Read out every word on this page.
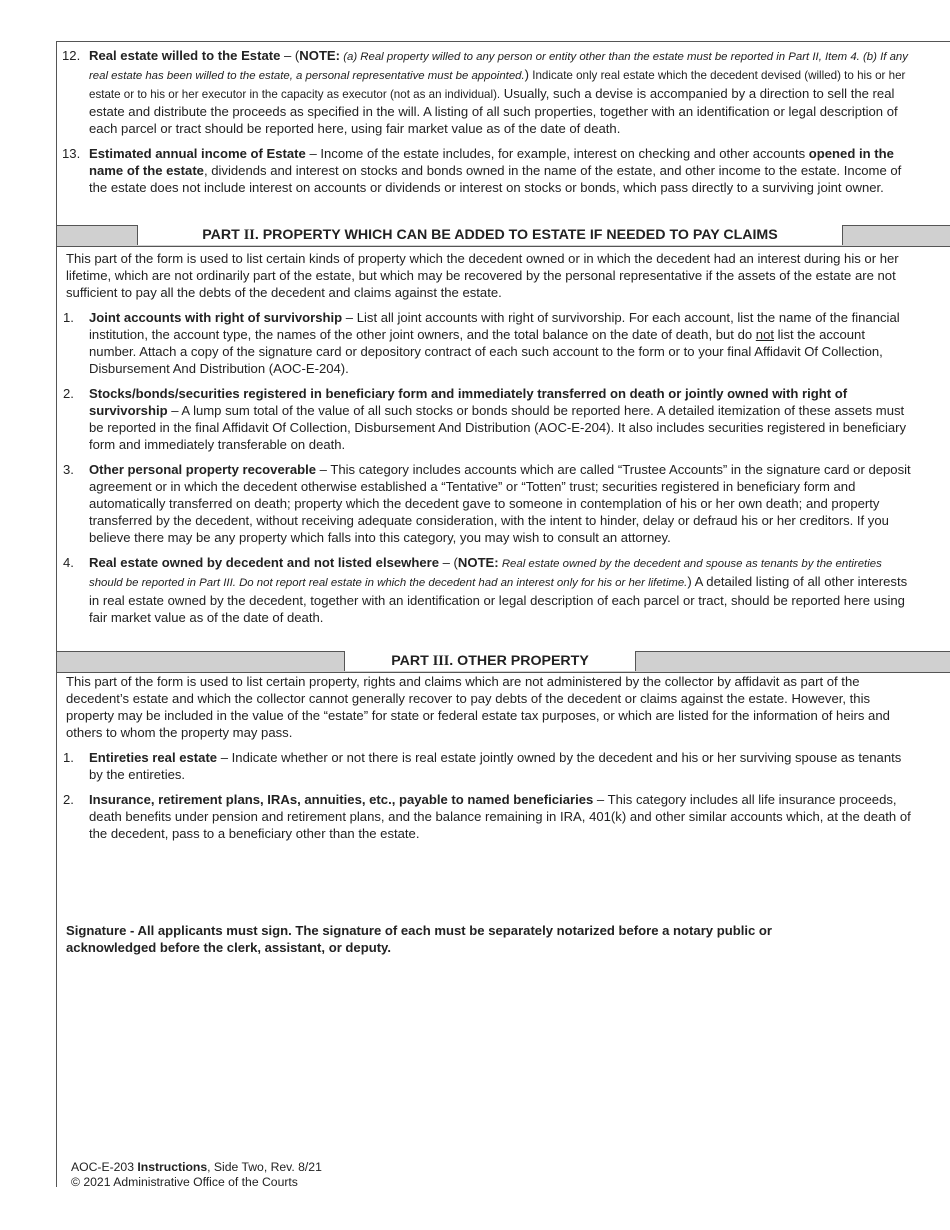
12. Real estate willed to the Estate – (NOTE: (a) Real property willed to any person or entity other than the estate must be reported in Part II, Item 4. (b) If any real estate has been willed to the estate, a personal representative must be appointed.) Indicate only real estate which the decedent devised (willed) to his or her estate or to his or her executor in the capacity as executor (not as an individual). Usually, such a devise is accompanied by a direction to sell the real estate and distribute the proceeds as specified in the will. A listing of all such properties, together with an identification or legal description of each parcel or tract should be reported here, using fair market value as of the date of death.
13. Estimated annual income of Estate – Income of the estate includes, for example, interest on checking and other accounts opened in the name of the estate, dividends and interest on stocks and bonds owned in the name of the estate, and other income to the estate. Income of the estate does not include interest on accounts or dividends or interest on stocks or bonds, which pass directly to a surviving joint owner.
PART II. PROPERTY WHICH CAN BE ADDED TO ESTATE IF NEEDED TO PAY CLAIMS

This part of the form is used to list certain kinds of property which the decedent owned or in which the decedent had an interest during his or her lifetime, which are not ordinarily part of the estate, but which may be recovered by the personal representative if the assets of the estate are not sufficient to pay all the debts of the decedent and claims against the estate.

1. Joint accounts with right of survivorship – List all joint accounts with right of survivorship. For each account, list the name of the financial institution, the account type, the names of the other joint owners, and the total balance on the date of death, but do not list the account number. Attach a copy of the signature card or depository contract of each such account to the form or to your final Affidavit Of Collection, Disbursement And Distribution (AOC-E-204).
2. Stocks/bonds/securities registered in beneficiary form and immediately transferred on death or jointly owned with right of survivorship – A lump sum total of the value of all such stocks or bonds should be reported here. A detailed itemization of these assets must be reported in the final Affidavit Of Collection, Disbursement And Distribution (AOC-E-204). It also includes securities registered in beneficiary form and immediately transferable on death.
3. Other personal property recoverable – This category includes accounts which are called “Trustee Accounts” in the signature card or deposit agreement or in which the decedent otherwise established a “Tentative” or “Totten” trust; securities registered in beneficiary form and automatically transferred on death; property which the decedent gave to someone in contemplation of his or her own death; and property transferred by the decedent, without receiving adequate consideration, with the intent to hinder, delay or defraud his or her creditors. If you believe there may be any property which falls into this category, you may wish to consult an attorney.
4. Real estate owned by decedent and not listed elsewhere – (NOTE: Real estate owned by the decedent and spouse as tenants by the entireties should be reported in Part III. Do not report real estate in which the decedent had an interest only for his or her lifetime.) A detailed listing of all other interests in real estate owned by the decedent, together with an identification or legal description of each parcel or tract, should be reported here using fair market value as of the date of death.
PART III. OTHER PROPERTY

This part of the form is used to list certain property, rights and claims which are not administered by the collector by affidavit as part of the decedent’s estate and which the collector cannot generally recover to pay debts of the decedent or claims against the estate. However, this property may be included in the value of the “estate” for state or federal estate tax purposes, or which are listed for the information of heirs and others to whom the property may pass.

1. Entireties real estate – Indicate whether or not there is real estate jointly owned by the decedent and his or her surviving spouse as tenants by the entireties.
2. Insurance, retirement plans, IRAs, annuities, etc., payable to named beneficiaries – This category includes all life insurance proceeds, death benefits under pension and retirement plans, and the balance remaining in IRA, 401(k) and other similar accounts which, at the death of the decedent, pass to a beneficiary other than the estate.
Signature - All applicants must sign. The signature of each must be separately notarized before a notary public or acknowledged before the clerk, assistant, or deputy.
AOC-E-203 Instructions, Side Two, Rev. 8/21
© 2021 Administrative Office of the Courts
